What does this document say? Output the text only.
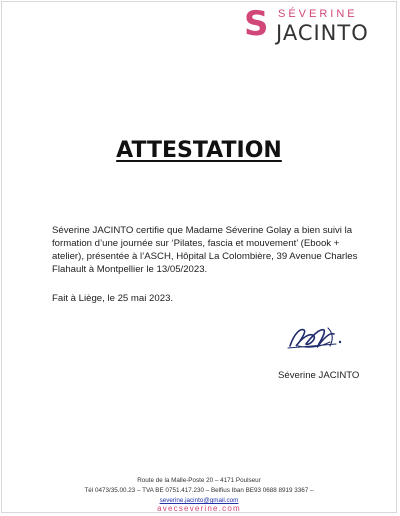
S SÉVERINE
JACINTO
ATTESTATION
Séverine JACINTO certifie que Madame Séverine Golay a bien suivi la
formation d’une journée sur ‘Pilates, fascia et mouvement’ (Ebook +
atelier), présentée à l’ASCH, Hôpital La Colombière, 39 Avenue Charles
Flahault à Montpellier le 13/05/2023.
Fait à Liège, le 25 mai 2023.
Séverine JACINTO
Route de la Malle-Poste 20 – 4171 Poulseur
Tél 0473/35.00.23 – TVA BE 0751.417.230 – Belfius Iban BE93 0688 8919 3367 –
severine.jacinto@gmail.com
avecseverine.com
